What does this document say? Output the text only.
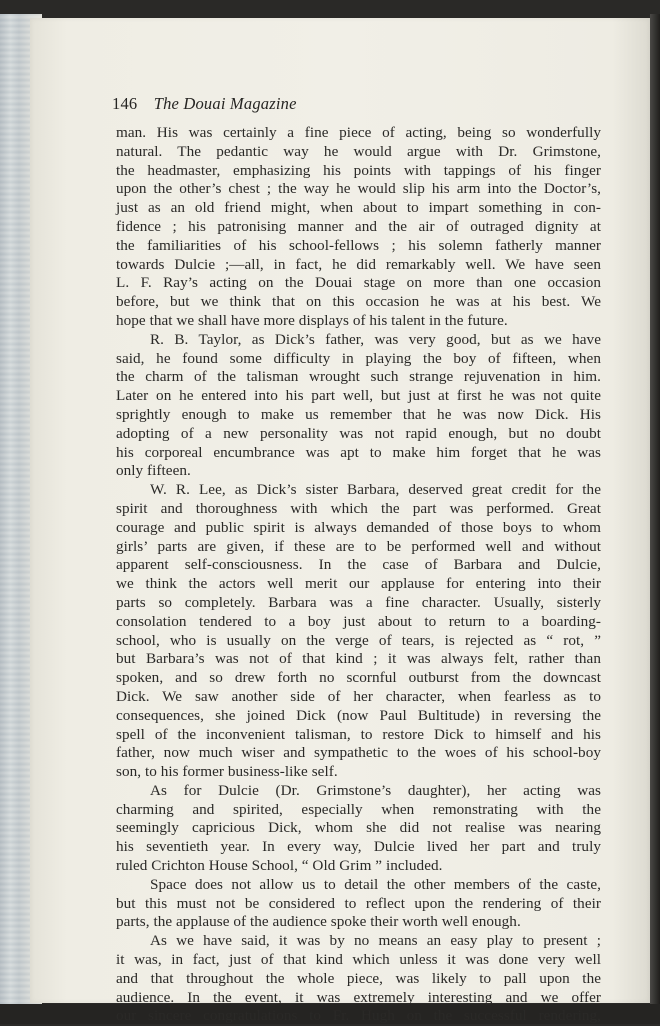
146 The Douai Magazine
man. His was certainly a fine piece of acting, being so wonderfully
natural. The pedantic way he would argue with Dr. Grimstone,
the headmaster, emphasizing his points with tappings of his finger
upon the other’s chest ; the way he would slip his arm into the Doctor’s,
just as an old friend might, when about to impart something in con-
fidence ; his patronising manner and the air of outraged dignity at
the familiarities of his school-fellows ; his solemn fatherly manner
towards Dulcie ;—all, in fact, he did remarkably well. We have seen
L. F. Ray’s acting on the Douai stage on more than one occasion
before, but we think that on this occasion he was at his best. We
hope that we shall have more displays of his talent in the future.
R. B. Taylor, as Dick’s father, was very good, but as we have
said, he found some difficulty in playing the boy of fifteen, when
the charm of the talisman wrought such strange rejuvenation in him.
Later on he entered into his part well, but just at first he was not quite
sprightly enough to make us remember that he was now Dick. His
adopting of a new personality was not rapid enough, but no doubt
his corporeal encumbrance was apt to make him forget that he was
only fifteen.
W. R. Lee, as Dick’s sister Barbara, deserved great credit for the
spirit and thoroughness with which the part was performed. Great
courage and public spirit is always demanded of those boys to whom
girls’ parts are given, if these are to be performed well and without
apparent self-consciousness. In the case of Barbara and Dulcie,
we think the actors well merit our applause for entering into their
parts so completely. Barbara was a fine character. Usually, sisterly
consolation tendered to a boy just about to return to a boarding-
school, who is usually on the verge of tears, is rejected as “ rot, ”
but Barbara’s was not of that kind ; it was always felt, rather than
spoken, and so drew forth no scornful outburst from the downcast
Dick. We saw another side of her character, when fearless as to
consequences, she joined Dick (now Paul Bultitude) in reversing the
spell of the inconvenient talisman, to restore Dick to himself and his
father, now much wiser and sympathetic to the woes of his school-boy
son, to his former business-like self.
As for Dulcie (Dr. Grimstone’s daughter), her acting was
charming and spirited, especially when remonstrating with the
seemingly capricious Dick, whom she did not realise was nearing
his seventieth year. In every way, Dulcie lived her part and truly
ruled Crichton House School, “ Old Grim ” included.
Space does not allow us to detail the other members of the caste,
but this must not be considered to reflect upon the rendering of their
parts, the applause of the audience spoke their worth well enough.
As we have said, it was by no means an easy play to present ;
it was, in fact, just of that kind which unless it was done very well
and that throughout the whole piece, was likely to pall upon the
audience. In the event, it was extremely interesting and we offer
our sincere congratulations to Fr. Hugh on the successful rendering,
